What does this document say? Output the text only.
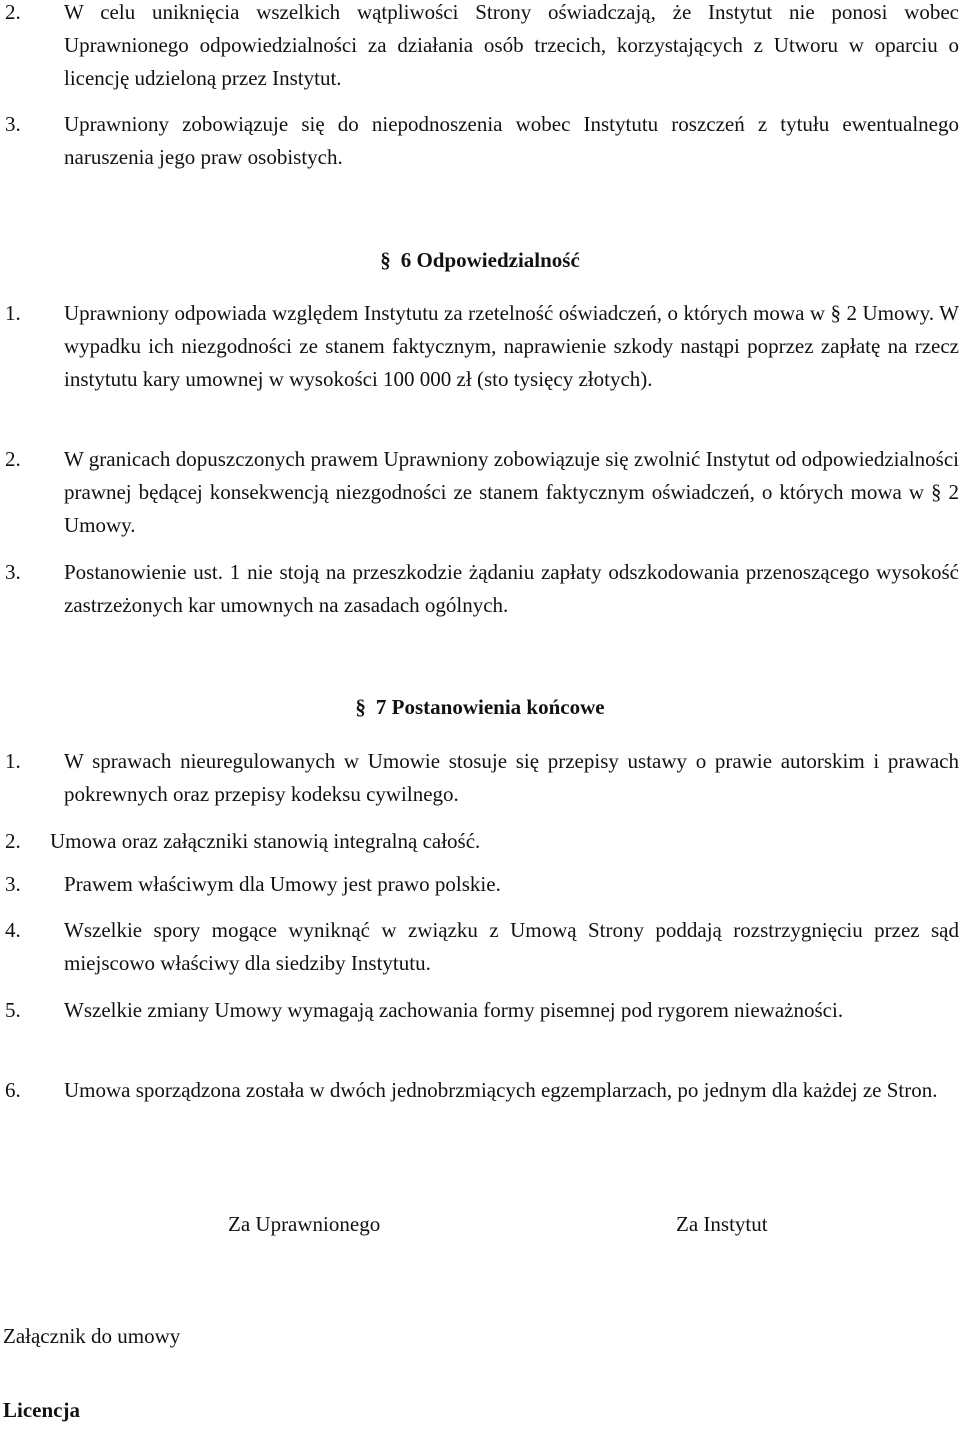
2. W celu uniknięcia wszelkich wątpliwości Strony oświadczają, że Instytut nie ponosi wobec Uprawnionego odpowiedzialności za działania osób trzecich, korzystających z Utworu w oparciu o licencję udzieloną przez Instytut.
3. Uprawniony zobowiązuje się do niepodnoszenia wobec Instytutu roszczeń z tytułu ewentualnego naruszenia jego praw osobistych.
§ 6 Odpowiedzialność
1. Uprawniony odpowiada względem Instytutu za rzetelność oświadczeń, o których mowa w § 2 Umowy. W wypadku ich niezgodności ze stanem faktycznym, naprawienie szkody nastąpi poprzez zapłatę na rzecz instytutu kary umownej w wysokości 100 000 zł (sto tysięcy złotych).
2. W granicach dopuszczonych prawem Uprawniony zobowiązuje się zwolnić Instytut od odpowiedzialności prawnej będącej konsekwencją niezgodności ze stanem faktycznym oświadczeń, o których mowa w § 2 Umowy.
3. Postanowienie ust. 1 nie stoją na przeszkodzie żądaniu zapłaty odszkodowania przenoszącego wysokość zastrzeżonych kar umownych na zasadach ogólnych.
§ 7 Postanowienia końcowe
1. W sprawach nieuregulowanych w Umowie stosuje się przepisy ustawy o prawie autorskim i prawach pokrewnych oraz przepisy kodeksu cywilnego.
2. Umowa oraz załączniki stanowią integralną całość.
3. Prawem właściwym dla Umowy jest prawo polskie.
4. Wszelkie spory mogące wyniknąć w związku z Umową Strony poddają rozstrzygnięciu przez sąd miejscowo właściwy dla siedziby Instytutu.
5. Wszelkie zmiany Umowy wymagają zachowania formy pisemnej pod rygorem nieważności.
6. Umowa sporządzona została w dwóch jednobrzmiących egzemplarzach, po jednym dla każdej ze Stron.
Za Uprawnionego	Za Instytut
Załącznik do umowy
Licencja
